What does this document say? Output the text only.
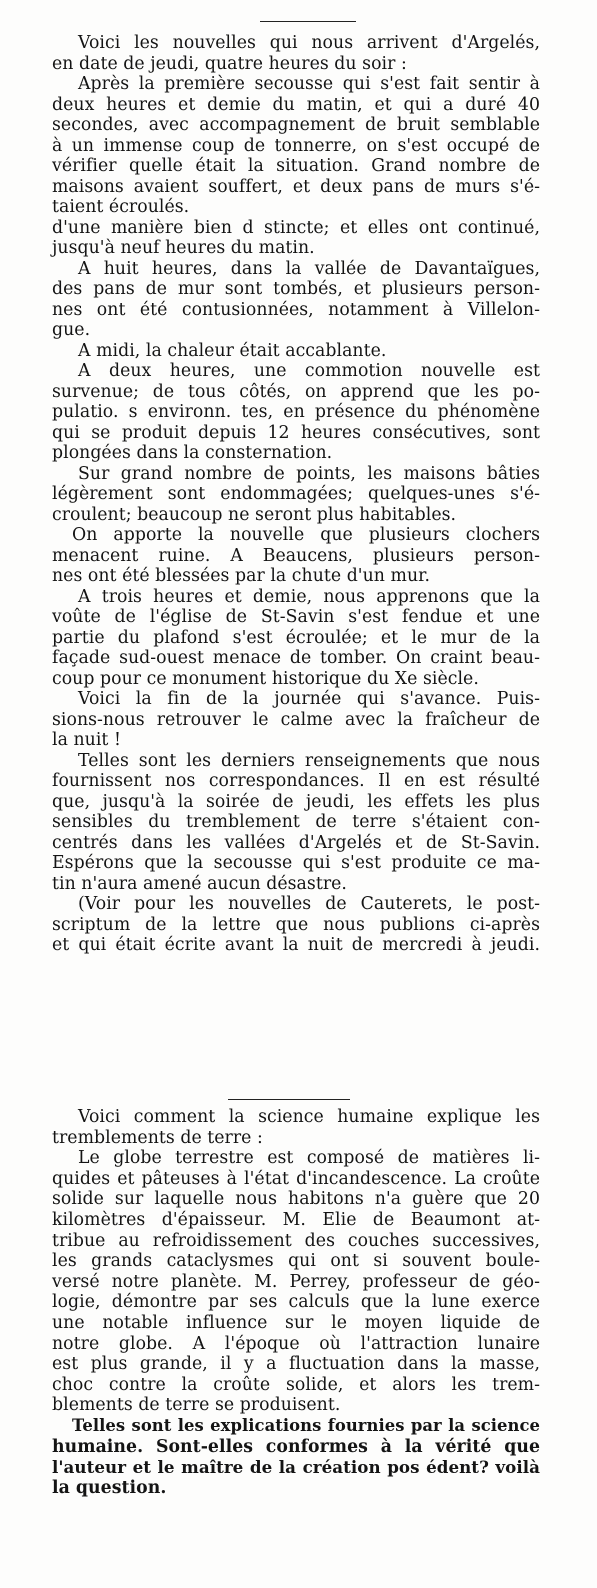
Voici les nouvelles qui nous arrivent d'Argelés,
en date de jeudi, quatre heures du soir :
Après la première secousse qui s'est fait sentir à
deux heures et demie du matin, et qui a duré 40
secondes, avec accompagnement de bruit semblable
à un immense coup de tonnerre, on s'est occupé de
vérifier quelle était la situation. Grand nombre de
maisons avaient souffert, et deux pans de murs s'é-
taient écroulés.
d'une manière bien d stincte; et elles ont continué,
jusqu'à neuf heures du matin.
A huit heures, dans la vallée de Davantaïgues,
des pans de mur sont tombés, et plusieurs person-
nes ont été contusionnées, notamment à Villelon-
gue.
A midi, la chaleur était accablante.
A deux heures, une commotion nouvelle est
survenue; de tous côtés, on apprend que les po-
pulatio. s environn. tes, en présence du phénomène
qui se produit depuis 12 heures consécutives, sont
plongées dans la consternation.
Sur grand nombre de points, les maisons bâties
légèrement sont endommagées; quelques-unes s'é-
croulent; beaucoup ne seront plus habitables.
On apporte la nouvelle que plusieurs clochers
menacent ruine. A Beaucens, plusieurs person-
nes ont été blessées par la chute d'un mur.
A trois heures et demie, nous apprenons que la
voûte de l'église de St-Savin s'est fendue et une
partie du plafond s'est écroulée; et le mur de la
façade sud-ouest menace de tomber. On craint beau-
coup pour ce monument historique du Xe siècle.
Voici la fin de la journée qui s'avance. Puis-
sions-nous retrouver le calme avec la fraîcheur de
la nuit !
Telles sont les derniers renseignements que nous
fournissent nos correspondances. Il en est résulté
que, jusqu'à la soirée de jeudi, les effets les plus
sensibles du tremblement de terre s'étaient con-
centrés dans les vallées d'Argelés et de St-Savin.
Espérons que la secousse qui s'est produite ce ma-
tin n'aura amené aucun désastre.
(Voir pour les nouvelles de Cauterets, le post-
scriptum de la lettre que nous publions ci-après
et qui était écrite avant la nuit de mercredi à jeudi.
Voici comment la science humaine explique les
tremblements de terre :
Le globe terrestre est composé de matières li-
quides et pâteuses à l'état d'incandescence. La croûte
solide sur laquelle nous habitons n'a guère que 20
kilomètres d'épaisseur. M. Elie de Beaumont at-
tribue au refroidissement des couches successives,
les grands cataclysmes qui ont si souvent boule-
versé notre planète. M. Perrey, professeur de géo-
logie, démontre par ses calculs que la lune exerce
une notable influence sur le moyen liquide de
notre globe. A l'époque où l'attraction lunaire
est plus grande, il y a fluctuation dans la masse,
choc contre la croûte solide, et alors les trem-
blements de terre se produisent.
Telles sont les explications fournies par la science
humaine. Sont-elles conformes à la vérité que
l'auteur et le maître de la création pos édent? voilà
la question.
